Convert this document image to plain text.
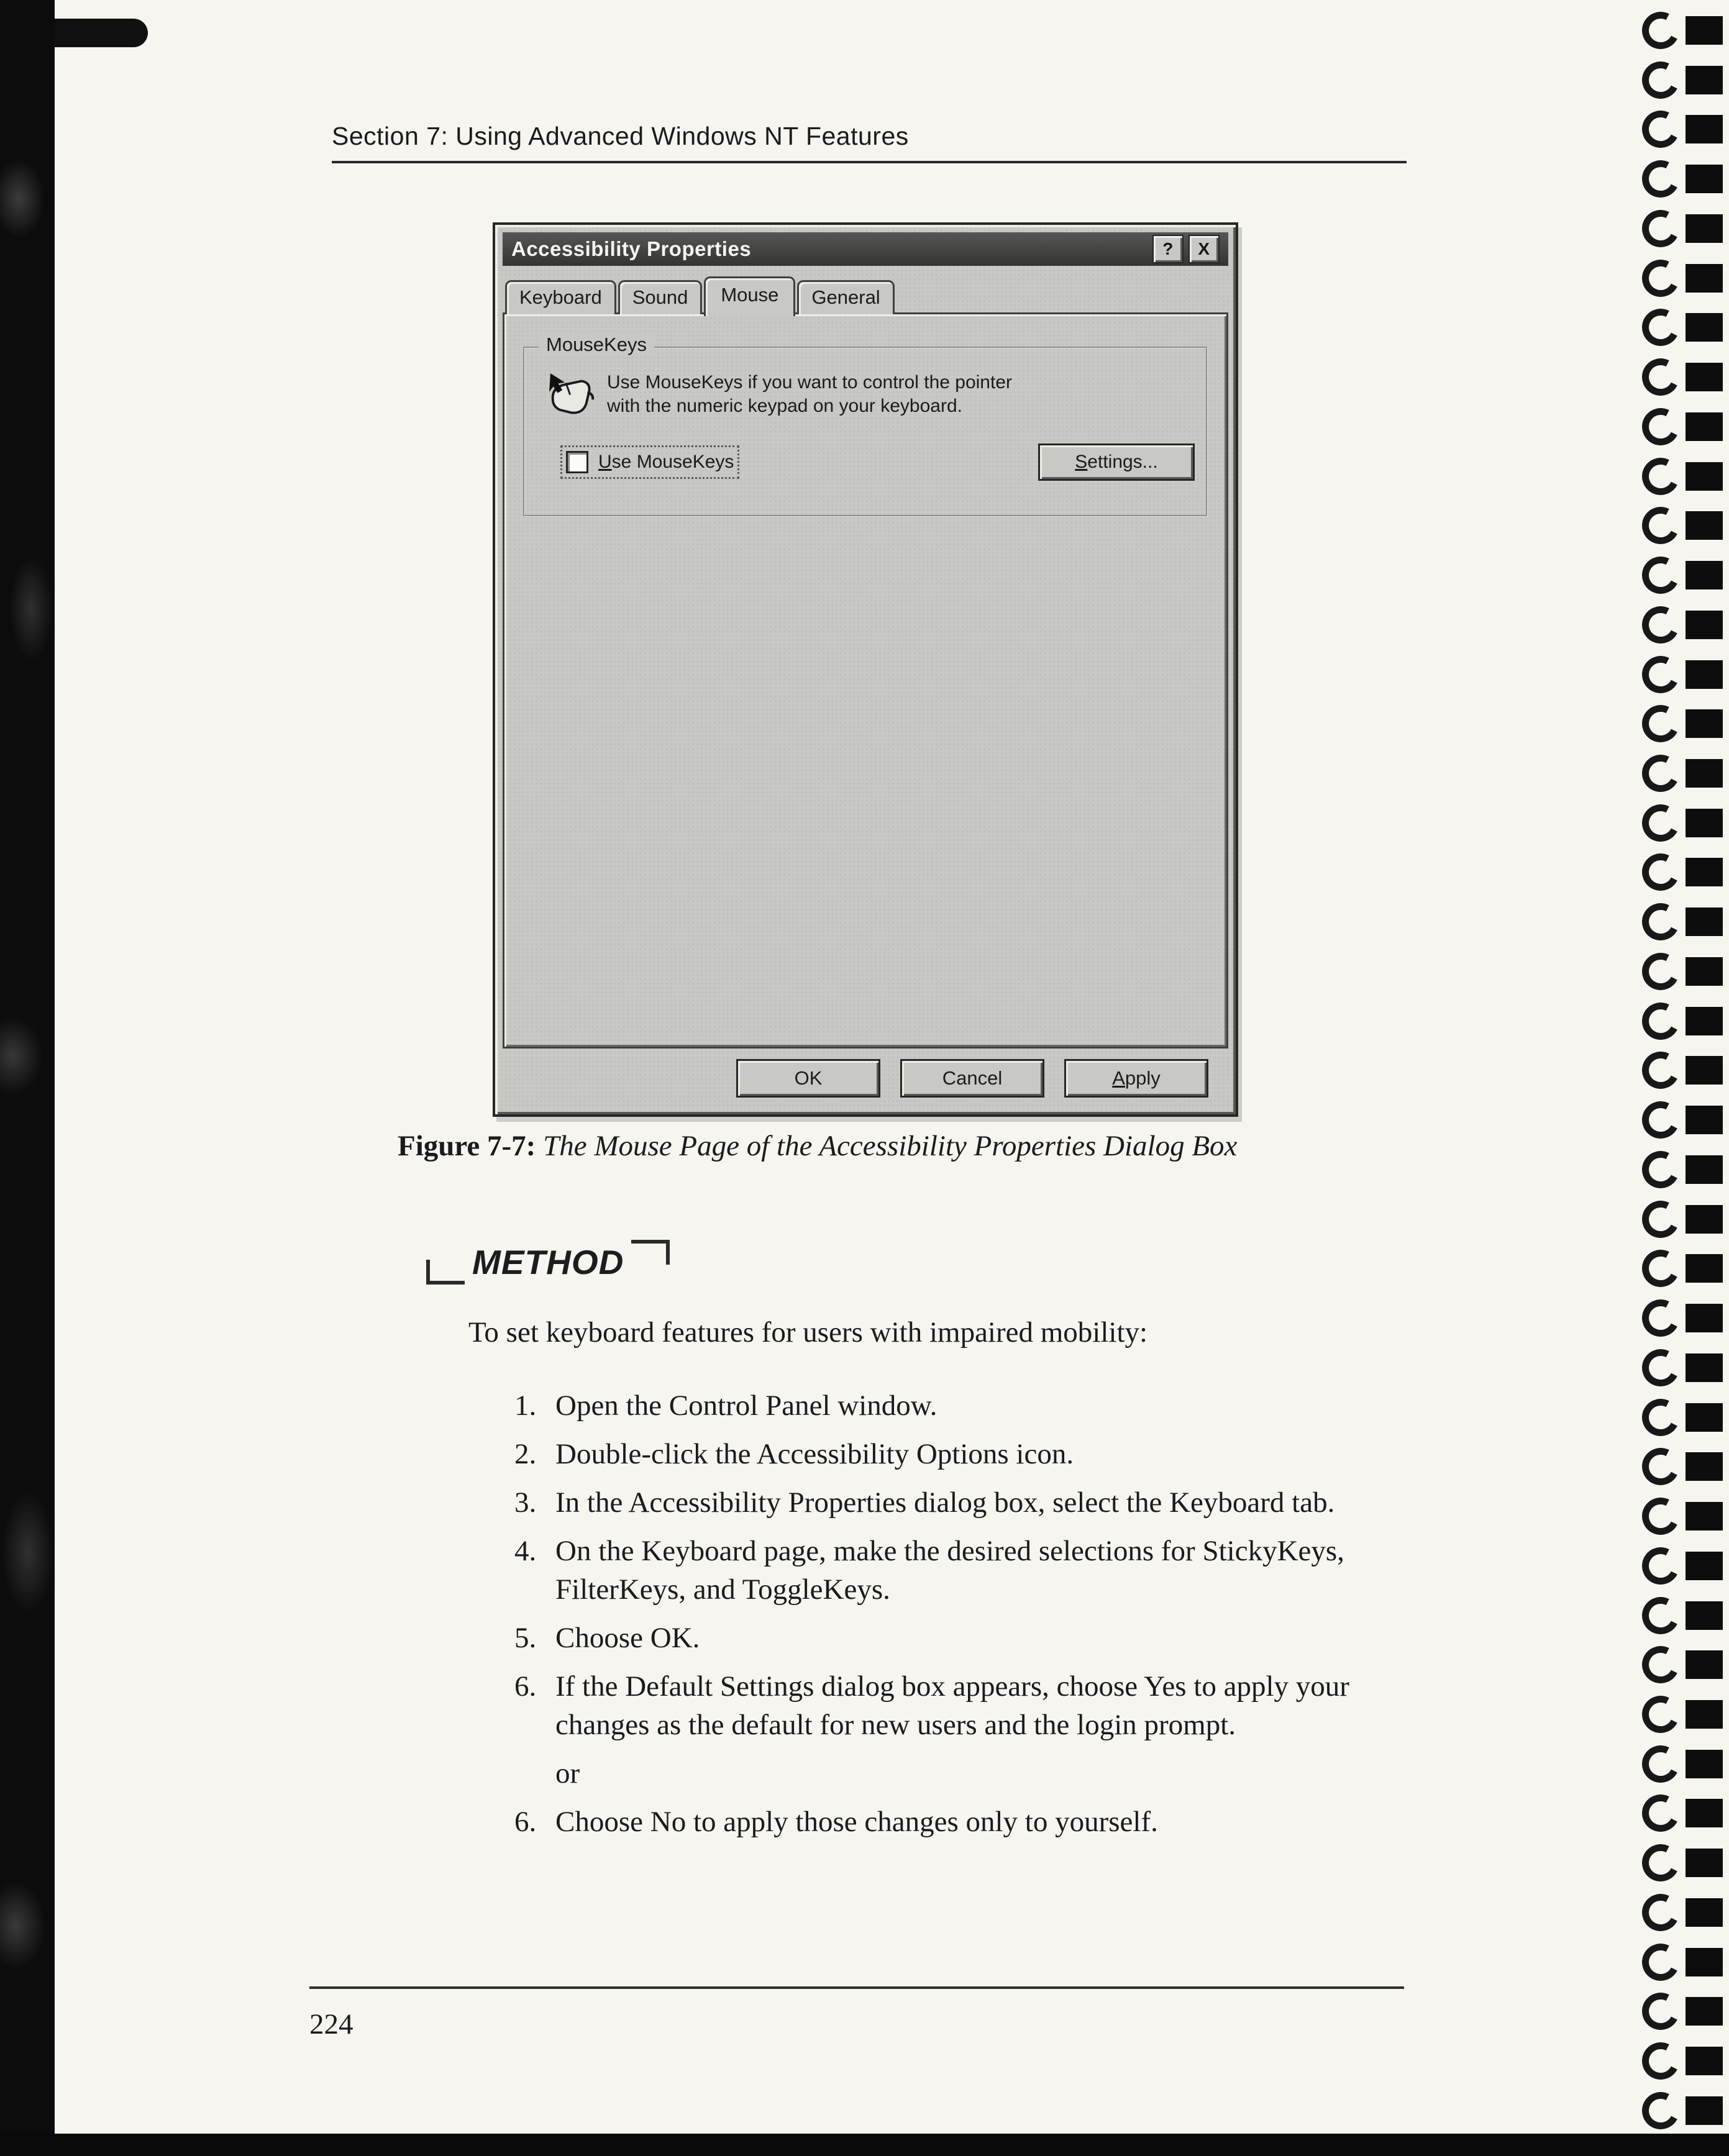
Section 7: Using Advanced Windows NT Features
Accessibility Properties	?	X
Keyboard	Sound	Mouse	General
MouseKeys
Use MouseKeys if you want to control the pointer with the numeric keypad on your keyboard.
Use MouseKeys	Settings...
OK	Cancel	Apply
Figure 7-7: The Mouse Page of the Accessibility Properties Dialog Box
METHOD
To set keyboard features for users with impaired mobility:
1. Open the Control Panel window.
2. Double-click the Accessibility Options icon.
3. In the Accessibility Properties dialog box, select the Keyboard tab.
4. On the Keyboard page, make the desired selections for StickyKeys, FilterKeys, and ToggleKeys.
5. Choose OK.
6. If the Default Settings dialog box appears, choose Yes to apply your changes as the default for new users and the login prompt.
or
6. Choose No to apply those changes only to yourself.
224
